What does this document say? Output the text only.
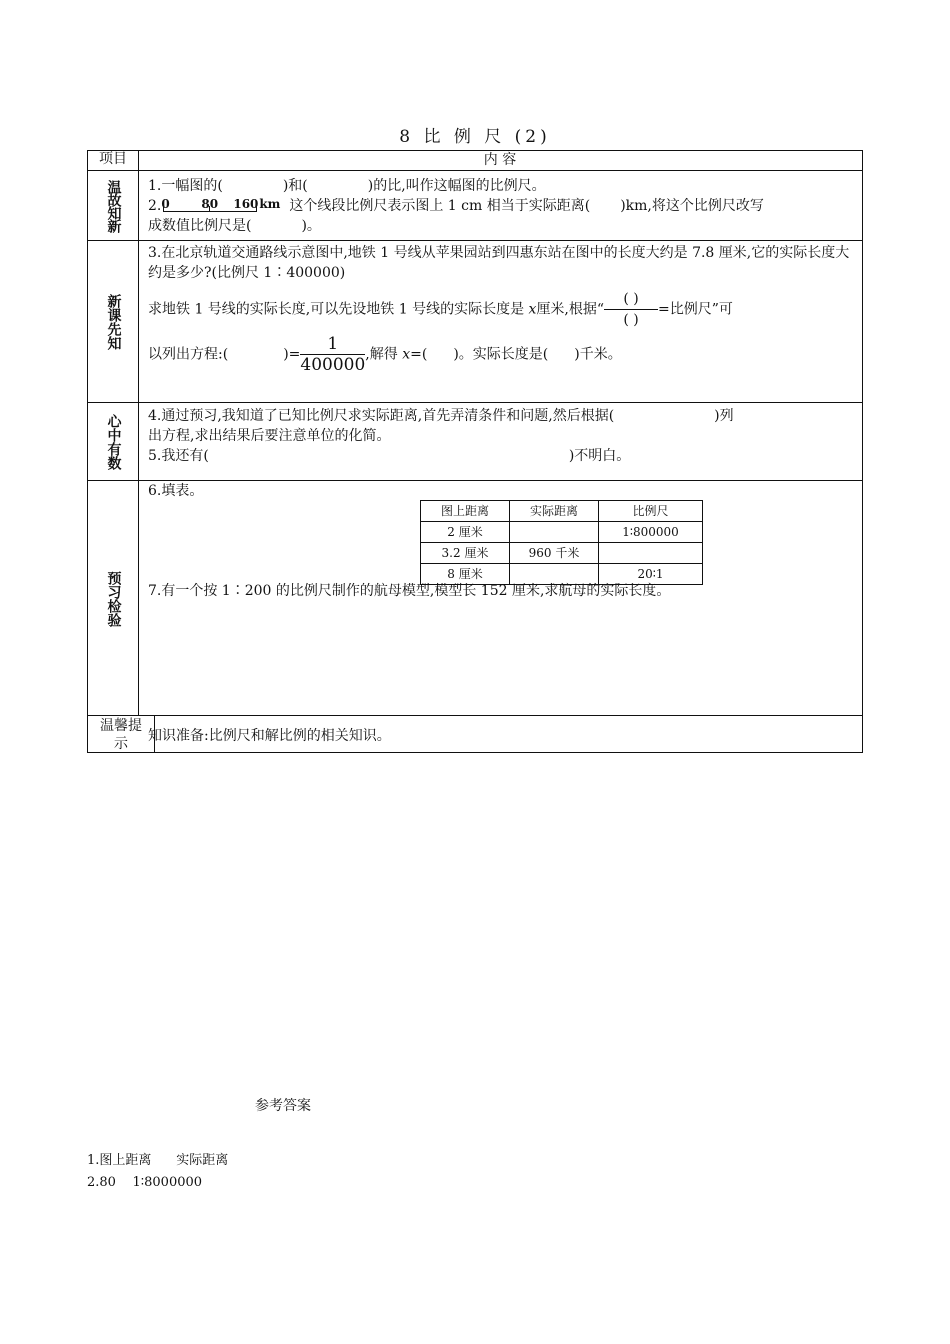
8 比 例 尺 (2)
项目	内 容
温故知新	1.一幅图的(	)和(	)的比,叫作这幅图的比例尺。
2. 0	80 160 km 这个线段比例尺表示图上 1 cm 相当于实际距离( )km,将这个比例尺改写
成数值比例尺是(	)。
新课先知
3.在北京轨道交通路线示意图中,地铁 1 号线从苹果园站到四惠东站在图中的长度大约是 7.8 厘米,它的实际长度大约是多少?(比例尺 1∶400000)
求地铁 1 号线的实际长度,可以先设地铁 1 号线的实际长度是 x厘米,根据“ $\frac{( )}{( )}$ =比例尺”可
以列出方程:(	)= $\frac{1}{400000}$ ,解得 x=( )。实际长度是( )千米。
心中有数	4.通过预习,我知道了已知比例尺求实际距离,首先弄清条件和问题,然后根据(	)列
出方程,求出结果后要注意单位的化简。
5.我还有(	)不明白。
预习检验
6.填表。
图上距离	实际距离	比例尺
2 厘米		1∶800000
3.2 厘米	960 千米	
8 厘米		20∶1
7.有一个按 1∶200 的比例尺制作的航母模型,模型长 152 厘米,求航母的实际长度。
温馨提示	知识准备:比例尺和解比例的相关知识。
参考答案
1.图上距离      实际距离
2.80    1∶8000000
